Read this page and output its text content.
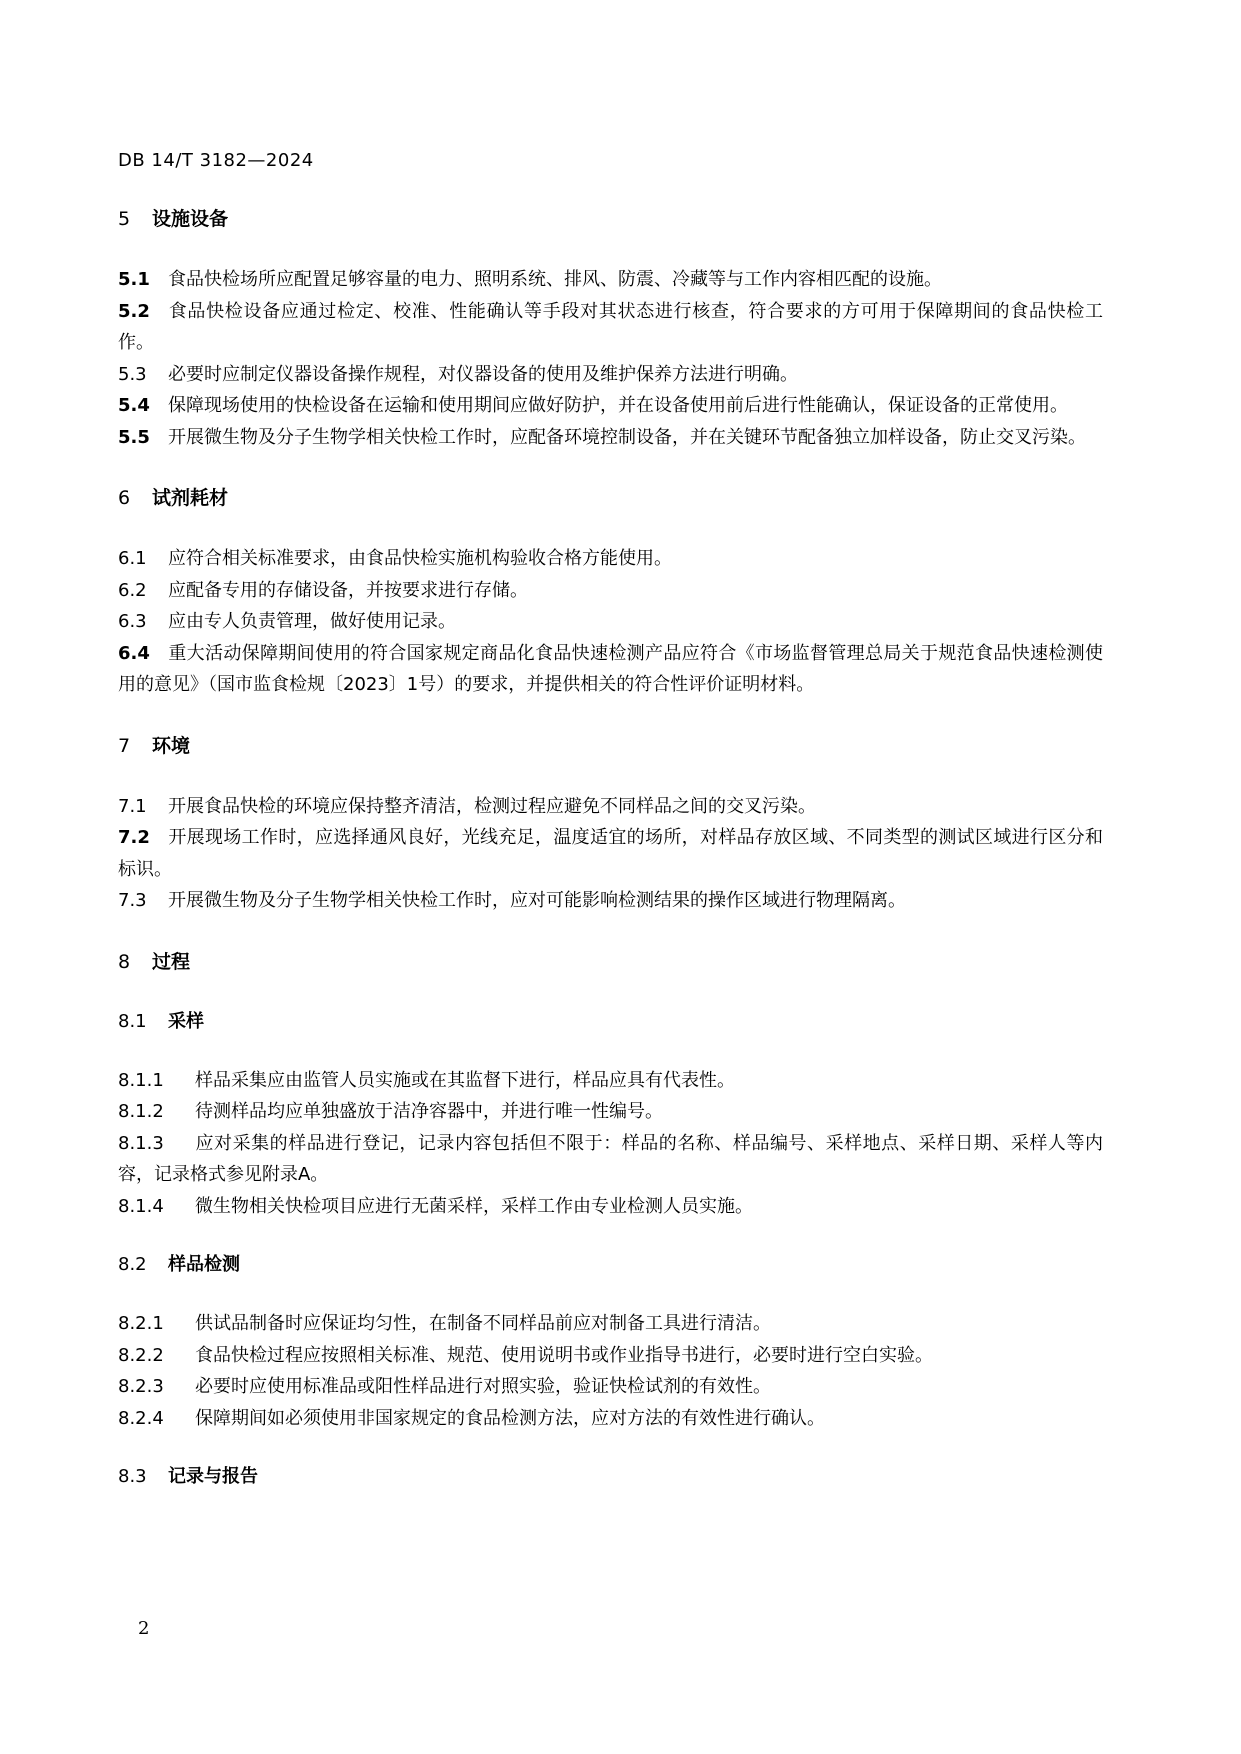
DB 14/T 3182—2024
5 设施设备
5.1 食品快检场所应配置足够容量的电力、照明系统、排风、防震、冷藏等与工作内容相匹配的设施。
5.2 食品快检设备应通过检定、校准、性能确认等手段对其状态进行核查，符合要求的方可用于保障期间的食品快检工作。
5.3 必要时应制定仪器设备操作规程，对仪器设备的使用及维护保养方法进行明确。
5.4 保障现场使用的快检设备在运输和使用期间应做好防护，并在设备使用前后进行性能确认，保证设备的正常使用。
5.5 开展微生物及分子生物学相关快检工作时，应配备环境控制设备，并在关键环节配备独立加样设备，防止交叉污染。
6 试剂耗材
6.1 应符合相关标准要求，由食品快检实施机构验收合格方能使用。
6.2 应配备专用的存储设备，并按要求进行存储。
6.3 应由专人负责管理，做好使用记录。
6.4 重大活动保障期间使用的符合国家规定商品化食品快速检测产品应符合《市场监督管理总局关于规范食品快速检测使用的意见》（国市监食检规〔2023〕1号）的要求，并提供相关的符合性评价证明材料。
7 环境
7.1 开展食品快检的环境应保持整齐清洁，检测过程应避免不同样品之间的交叉污染。
7.2 开展现场工作时，应选择通风良好，光线充足，温度适宜的场所，对样品存放区域、不同类型的测试区域进行区分和标识。
7.3 开展微生物及分子生物学相关快检工作时，应对可能影响检测结果的操作区域进行物理隔离。
8 过程
8.1 采样
8.1.1 样品采集应由监管人员实施或在其监督下进行，样品应具有代表性。
8.1.2 待测样品均应单独盛放于洁净容器中，并进行唯一性编号。
8.1.3 应对采集的样品进行登记，记录内容包括但不限于：样品的名称、样品编号、采样地点、采样日期、采样人等内容，记录格式参见附录A。
8.1.4 微生物相关快检项目应进行无菌采样，采样工作由专业检测人员实施。
8.2 样品检测
8.2.1 供试品制备时应保证均匀性，在制备不同样品前应对制备工具进行清洁。
8.2.2 食品快检过程应按照相关标准、规范、使用说明书或作业指导书进行，必要时进行空白实验。
8.2.3 必要时应使用标准品或阳性样品进行对照实验，验证快检试剂的有效性。
8.2.4 保障期间如必须使用非国家规定的食品检测方法，应对方法的有效性进行确认。
8.3 记录与报告
2
